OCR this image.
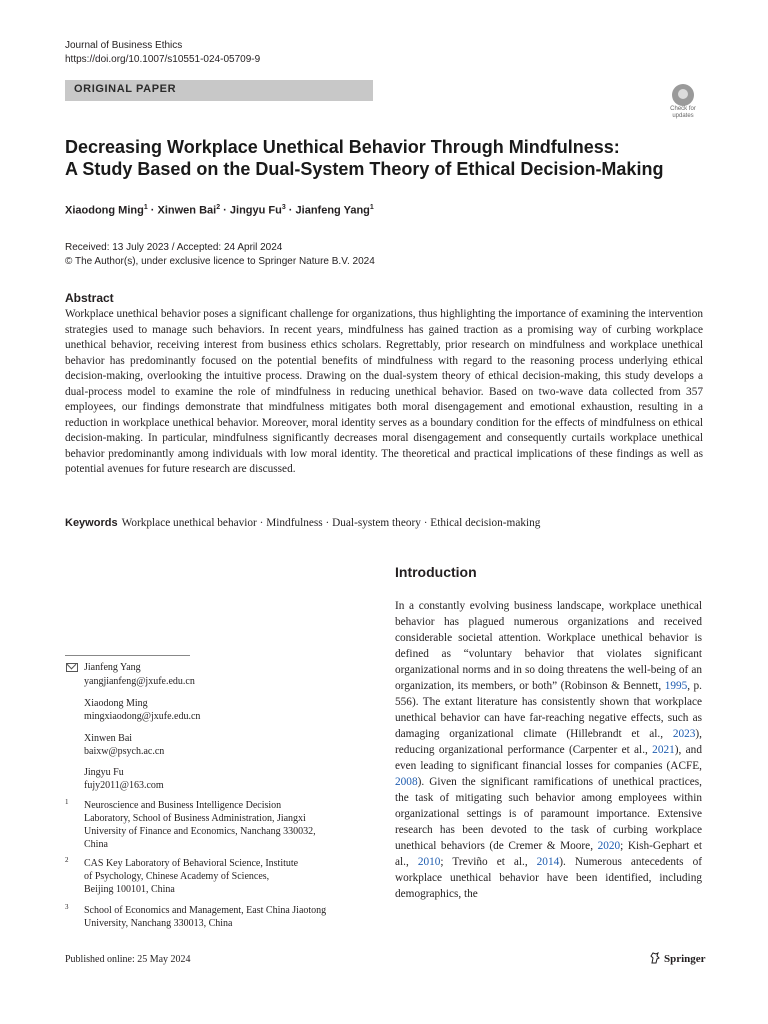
Journal of Business Ethics
https://doi.org/10.1007/s10551-024-05709-9
ORIGINAL PAPER
Check for
updates
Decreasing Workplace Unethical Behavior Through Mindfulness:
A Study Based on the Dual-System Theory of Ethical Decision-Making
Xiaodong Ming$^1$ · Xinwen Bai$^2$ · Jingyu $Fu^3$ · Jianfeng Yang$^1$
Received: 13 July 2023 / Accepted: 24 April 2024
© The Author(s), under exclusive licence to Springer Nature B.V. 2024
Abstract

Workplace unethical behavior poses a significant challenge for organizations, thus highlighting the importance of examining the intervention strategies used to manage such behaviors. In recent years, mindfulness has gained traction as a promising way of curbing workplace unethical behavior, receiving interest from business ethics scholars. Regrettably, prior research on mindfulness and workplace unethical behavior has predominantly focused on the potential benefits of mindfulness with regard to the reasoning process underlying ethical decision-making, overlooking the intuitive process. Drawing on the dual-system theory of ethical decision-making, this study develops a dual-process model to examine the role of mindfulness in reducing unethical behavior. Based on two-wave data collected from 357 employees, our findings demonstrate that mindfulness mitigates both moral disengagement and emotional exhaustion, resulting in a reduction in workplace unethical behavior. Moreover, moral identity serves as a boundary condition for the effects of mindfulness on ethical decision-making. In particular, mindfulness significantly decreases moral disengagement and consequently curtails workplace unethical behavior predominantly among individuals with low moral identity. The theoretical and practical implications of these findings as well as potential avenues for future research are discussed.

Keywords Workplace unethical behavior · Mindfulness · Dual-system theory · Ethical decision-making
Introduction

In a constantly evolving business landscape, workplace unethical behavior has plagued numerous organizations and received considerable societal attention. Workplace unethical behavior is defined as “voluntary behavior that violates significant organizational norms and in so doing threatens the well-being of an organization, its members, or both” (Robinson & Bennett, 1995, p. 556). The extant literature has consistently shown that workplace unethical behavior can have far-reaching negative effects, such as damaging organizational climate (Hillebrandt et al., 2023), reducing organizational performance (Carpenter et al., 2021), and even leading to significant financial losses for companies (ACFE, 2008). Given the significant ramifications of unethical practices, the task of mitigating such behavior among employees within organizational settings is of paramount importance. Extensive research has been devoted to the task of curbing workplace unethical behaviors (de Cremer & Moore, 2020; Kish-Gephart et al., 2010; Treviño et al., 2014). Numerous antecedents of workplace unethical behavior have been identified, including demographics, the

Jianfeng Yang
yangjianfeng@jxufe.edu.cn
Xiaodong Ming
mingxiaodong@jxufe.edu.cn
Xinwen Bai
baixw@psych.ac.cn
Jingyu Fu
fujy2011@163.com
1 Neuroscience and Business Intelligence Decision
Laboratory, School of Business Administration, Jiangxi
University of Finance and Economics, Nanchang 330032,
China
2 CAS Key Laboratory of Behavioral Science, Institute
of Psychology, Chinese Academy of Sciences,
Beijing 100101, China
3 School of Economics and Management, East China Jiaotong
University, Nanchang 330013, China
Published online: 25 May 2024	Springer
